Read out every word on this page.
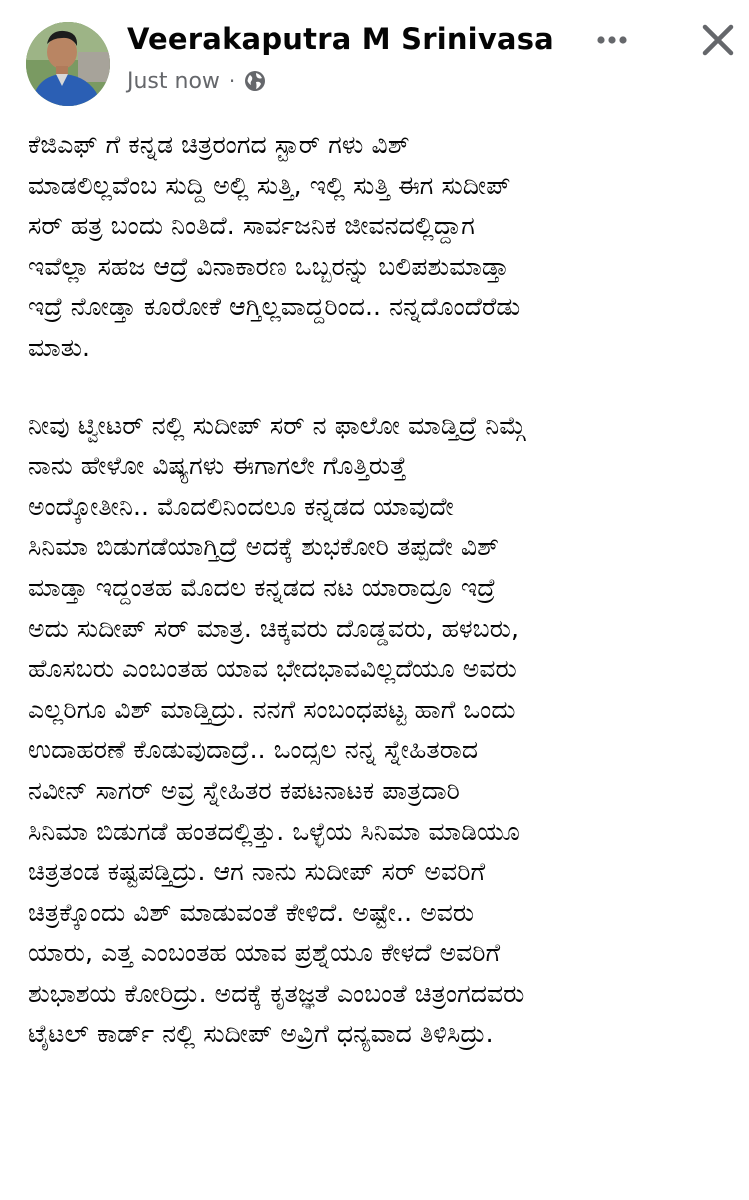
Veerakaputra M Srinivasa
Just now ·

ಕೆಜಿಎಫ್ ಗೆ ಕನ್ನಡ ಚಿತ್ರರಂಗದ ಸ್ಟಾರ್ ಗಳು ವಿಶ್
ಮಾಡಲಿಲ್ಲವೆಂಬ ಸುದ್ದಿ ಅಲ್ಲಿ ಸುತ್ತಿ, ಇಲ್ಲಿ ಸುತ್ತಿ ಈಗ ಸುದೀಪ್
ಸರ್ ಹತ್ರ ಬಂದು ನಿಂತಿದೆ. ಸಾರ್ವಜನಿಕ ಜೀವನದಲ್ಲಿದ್ದಾಗ
ಇವೆಲ್ಲಾ ಸಹಜ ಆದ್ರೆ ವಿನಾಕಾರಣ ಒಬ್ಬರನ್ನು ಬಲಿಪಶುಮಾಡ್ತಾ
ಇದ್ರೆ ನೋಡ್ತಾ ಕೂರೋಕೆ ಆಗ್ತಿಲ್ಲವಾದ್ದರಿಂದ.. ನನ್ನದೊಂದೆರೆಡು
ಮಾತು.

ನೀವು ಟ್ವೀಟರ್ ನಲ್ಲಿ ಸುದೀಪ್ ಸರ್ ನ ಫಾಲೋ ಮಾಡ್ತಿದ್ರೆ ನಿಮ್ಗೆ
ನಾನು ಹೇಳೋ ವಿಷ್ಯಗಳು ಈಗಾಗಲೇ ಗೊತ್ತಿರುತ್ತೆ
ಅಂದ್ಕೋತೀನಿ.. ಮೊದಲಿನಿಂದಲೂ ಕನ್ನಡದ ಯಾವುದೇ
ಸಿನಿಮಾ ಬಿಡುಗಡೆಯಾಗ್ತಿದ್ರೆ ಅದಕ್ಕೆ ಶುಭಕೋರಿ ತಪ್ಪದೇ ವಿಶ್
ಮಾಡ್ತಾ ಇದ್ದಂತಹ ಮೊದಲ ಕನ್ನಡದ ನಟ ಯಾರಾದ್ರೂ ಇದ್ರೆ
ಅದು ಸುದೀಪ್ ಸರ್ ಮಾತ್ರ. ಚಿಕ್ಕವರು ದೊಡ್ಡವರು, ಹಳಬರು,
ಹೊಸಬರು ಎಂಬಂತಹ ಯಾವ ಭೇದಭಾವವಿಲ್ಲದೆಯೂ ಅವರು
ಎಲ್ಲರಿಗೂ ವಿಶ್ ಮಾಡ್ತಿದ್ರು. ನನಗೆ ಸಂಬಂಧಪಟ್ಟ ಹಾಗೆ ಒಂದು
ಉದಾಹರಣೆ ಕೊಡುವುದಾದ್ರೆ.. ಒಂದ್ಸಲ ನನ್ನ ಸ್ನೇಹಿತರಾದ
ನವೀನ್ ಸಾಗರ್ ಅವ್ರ ಸ್ನೇಹಿತರ ಕಪಟನಾಟಕ ಪಾತ್ರದಾರಿ
ಸಿನಿಮಾ ಬಿಡುಗಡೆ ಹಂತದಲ್ಲಿತ್ತು. ಒಳ್ಳೆಯ ಸಿನಿಮಾ ಮಾಡಿಯೂ
ಚಿತ್ರತಂಡ ಕಷ್ಟಪಡ್ತಿದ್ರು. ಆಗ ನಾನು ಸುದೀಪ್ ಸರ್ ಅವರಿಗೆ
ಚಿತ್ರಕ್ಕೊಂದು ವಿಶ್ ಮಾಡುವಂತೆ ಕೇಳಿದೆ. ಅಷ್ಟೇ.. ಅವರು
ಯಾರು, ಎತ್ತ ಎಂಬಂತಹ ಯಾವ ಪ್ರಶ್ನೆಯೂ ಕೇಳದೆ ಅವರಿಗೆ
ಶುಭಾಶಯ ಕೋರಿದ್ರು. ಅದಕ್ಕೆ ಕೃತಜ್ಞತೆ ಎಂಬಂತೆ ಚಿತ್ರಂಗದವರು
ಟೈಟಲ್ ಕಾರ್ಡ್ ನಲ್ಲಿ ಸುದೀಪ್ ಅವ್ರಿಗೆ ಧನ್ಯವಾದ ತಿಳಿಸಿದ್ರು.
